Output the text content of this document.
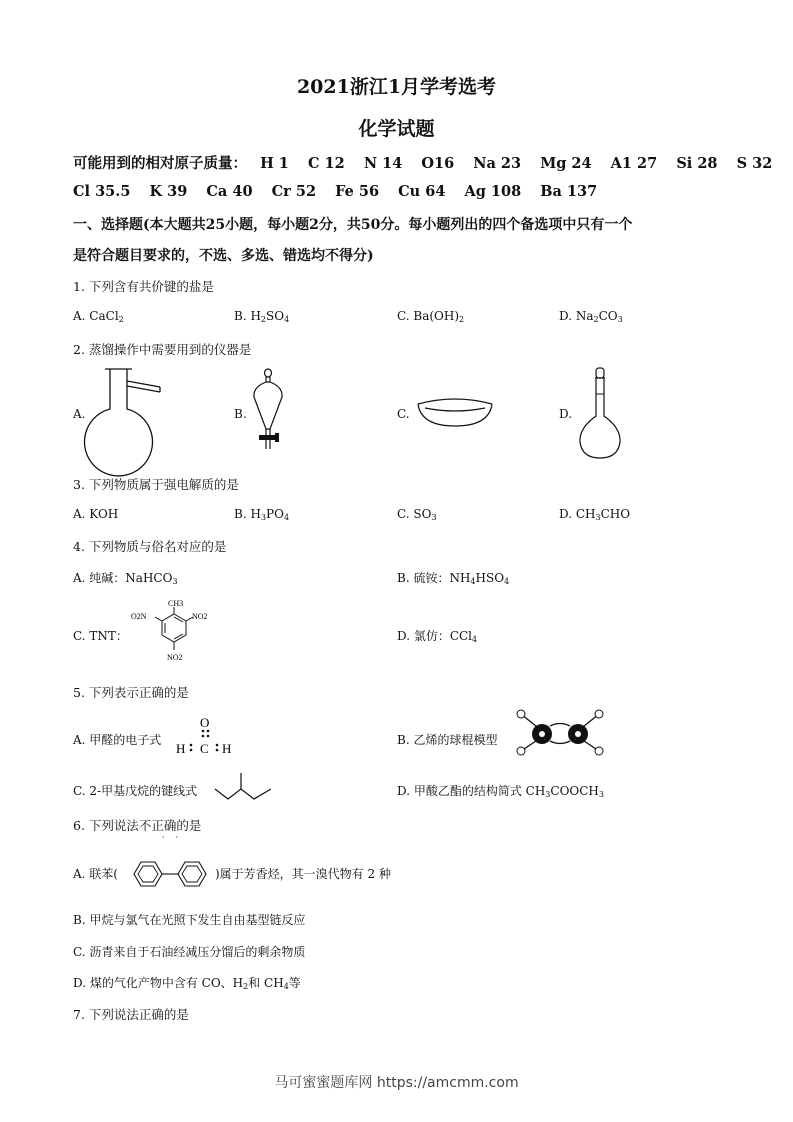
2021浙江1月学考选考
化学试题
可能用到的相对原子质量： H 1 C 12 N 14 O16 Na 23 Mg 24 A1 27 Si 28 S 32
Cl 35.5 K 39 Ca 40 Cr 52 Fe 56 Cu 64 Ag 108 Ba 137
一、选择题(本大题共25小题，每小题2分，共50分。每小题列出的四个备选项中只有一个
是符合题目要求的，不选、多选、错选均不得分)
1. 下列含有共价键的盐是
A. CaCl$_2$	B. $H_2SO_4$	C. $Ba(OH)_2$	D. $Na_2CO_3$
2. 蒸馏操作中需要用到的仪器是
A.	B.	C.	D.
3. 下列物质属于强电解质的是
A. KOH	B. $H_3PO_4$	C. $SO_3$	D. $CH_3CHO$
4. 下列物质与俗名对应的是
A. 纯碱：NaHCO$_3$	B. 硫铵：$NH_4HSO_4$
C. TNT：	D. 氯仿：CCl$_4$
CH3
O2N	NO2
NO2
5. 下列表示正确的是
A. 甲醛的电子式	B. 乙烯的球棍模型
O
H C H
C. 2-甲基戊烷的键线式	D. 甲酸乙酯的结构简式 $CH_3COOCH_3$
6. 下列说法不正确的是
··
A. 联苯(	)属于芳香烃，其一溴代物有 2 种
B. 甲烷与氯气在光照下发生自由基型链反应
C. 沥青来自于石油经减压分馏后的剩余物质
D. 煤的气化产物中含有 CO、$H_2$和 $CH_4$等
7. 下列说法正确的是
马可蜜蜜题库网 https://amcmm.com
